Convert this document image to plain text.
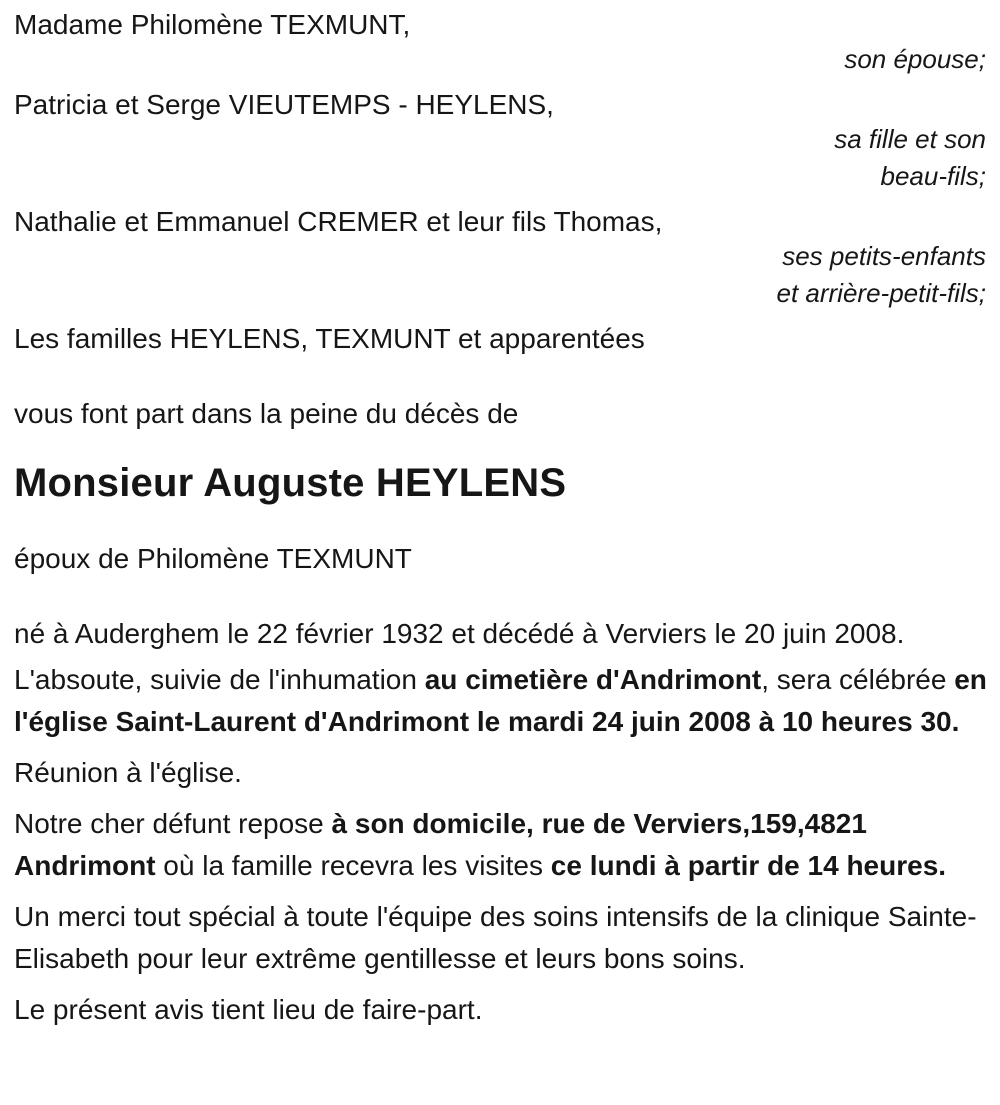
Madame Philomène TEXMUNT,

son épouse;

Patricia et Serge VIEUTEMPS - HEYLENS,

sa fille et son

beau-fils;

Nathalie et Emmanuel CREMER et leur fils Thomas,

ses petits-enfants

et arrière-petit-fils;

Les familles HEYLENS, TEXMUNT et apparentées

vous font part dans la peine du décès de

Monsieur Auguste HEYLENS

époux de Philomène TEXMUNT

né à Auderghem le 22 février 1932 et décédé à Verviers le 20 juin 2008.

L'absoute, suivie de l'inhumation au cimetière d'Andrimont, sera célébrée en l'église Saint-Laurent d'Andrimont le mardi 24 juin 2008 à 10 heures 30.

Réunion à l'église.

Notre cher défunt repose à son domicile, rue de Verviers,159,4821 Andrimont où la famille recevra les visites ce lundi à partir de 14 heures.

Un merci tout spécial à toute l'équipe des soins intensifs de la clinique Sainte-Elisabeth pour leur extrême gentillesse et leurs bons soins.

Le présent avis tient lieu de faire-part.
